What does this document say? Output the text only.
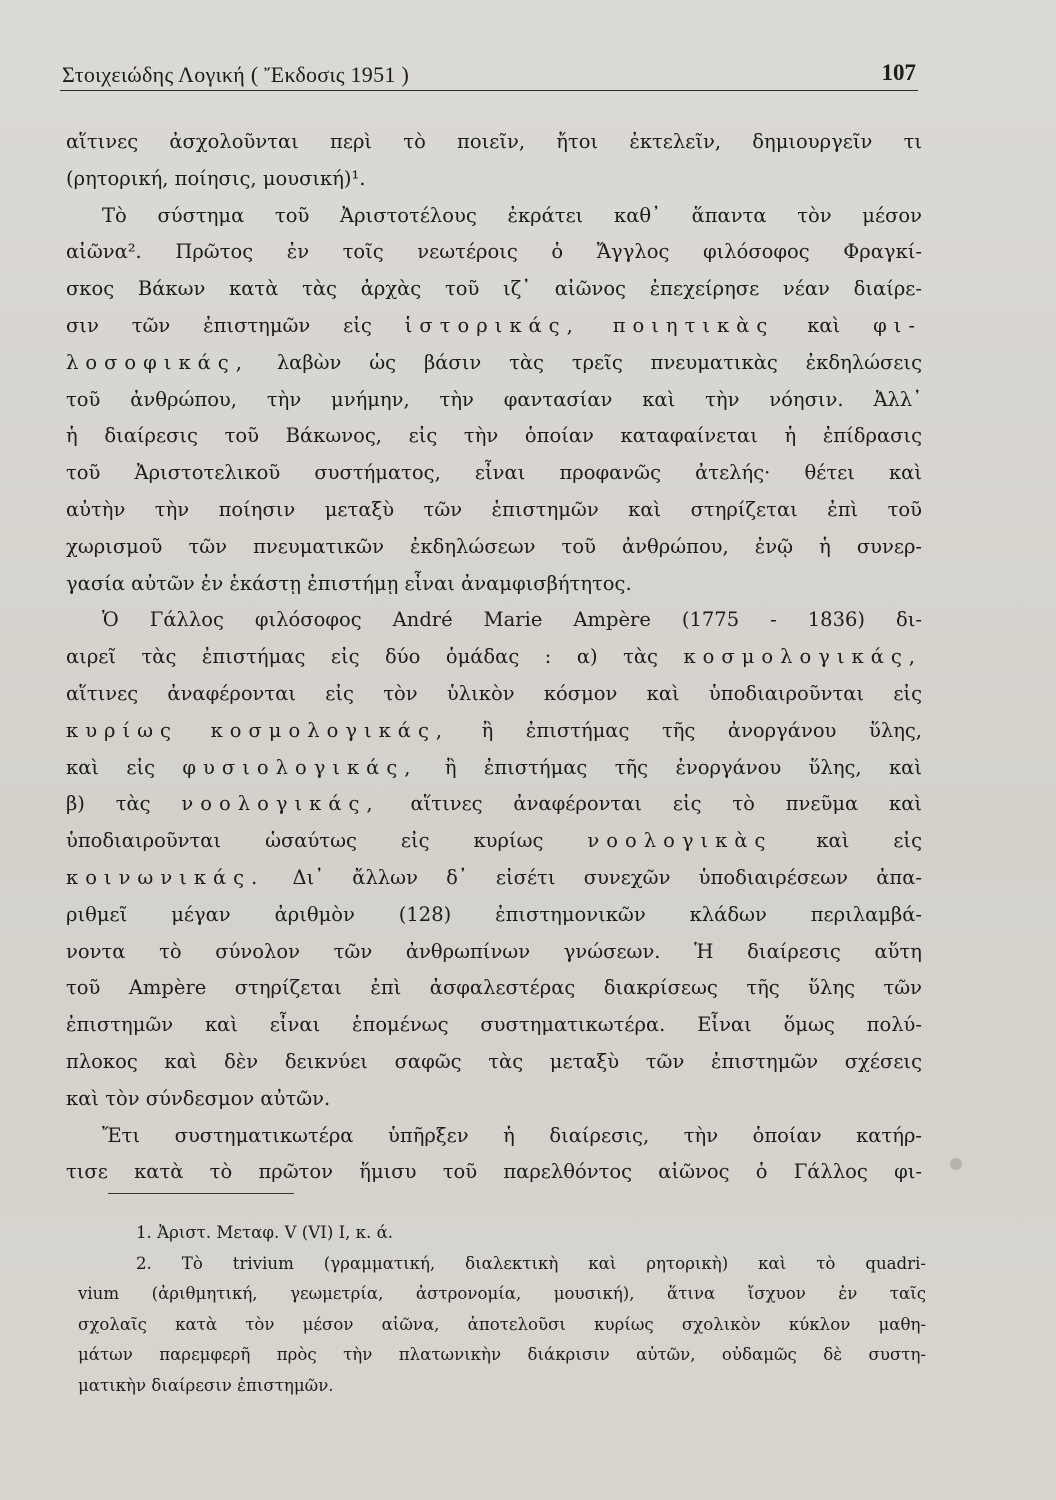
Στοιχειώδης Λογική ( Ἔκδοσις 1951 )	107
αἵτινες ἀσχολοῦνται περὶ τὸ ποιεῖν, ἤτοι ἐκτελεῖν, δημιουργεῖν τι
(ρητορική, ποίησις, μουσική)¹.
Τὸ σύστημα τοῦ Ἀριστοτέλους ἐκράτει καθ᾽ ἅπαντα τὸν μέσον
αἰῶνα². Πρῶτος ἐν τοῖς νεωτέροις ὁ Ἄγγλος φιλόσοφος Φραγκί-
σκος Βάκων κατὰ τὰς ἀρχὰς τοῦ ιζ᾽ αἰῶνος ἐπεχείρησε νέαν διαίρε-
σιν τῶν ἐπιστημῶν εἰς ἱστορικάς, ποιητικὰς καὶ φι-
λοσοφικάς, λαβὼν ὡς βάσιν τὰς τρεῖς πνευματικὰς ἐκδηλώσεις
τοῦ ἀνθρώπου, τὴν μνήμην, τὴν φαντασίαν καὶ τὴν νόησιν. Ἀλλ᾽
ἡ διαίρεσις τοῦ Βάκωνος, εἰς τὴν ὁποίαν καταφαίνεται ἡ ἐπίδρασις
τοῦ Ἀριστοτελικοῦ συστήματος, εἶναι προφανῶς ἀτελής· θέτει καὶ
αὐτὴν τὴν ποίησιν μεταξὺ τῶν ἐπιστημῶν καὶ στηρίζεται ἐπὶ τοῦ
χωρισμοῦ τῶν πνευματικῶν ἐκδηλώσεων τοῦ ἀνθρώπου, ἐνῷ ἡ συνερ-
γασία αὐτῶν ἐν ἑκάστῃ ἐπιστήμῃ εἶναι ἀναμφισβήτητος.
Ὁ Γάλλος φιλόσοφος André Marie Ampère (1775 - 1836) δι-
αιρεῖ τὰς ἐπιστήμας εἰς δύο ὁμάδας : α) τὰς κοσμολογικάς,
αἵτινες ἀναφέρονται εἰς τὸν ὑλικὸν κόσμον καὶ ὑποδιαιροῦνται εἰς
κυρίως κοσμολογικάς, ἢ ἐπιστήμας τῆς ἀνοργάνου ὕλης,
καὶ εἰς φυσιολογικάς, ἢ ἐπιστήμας τῆς ἐνοργάνου ὕλης, καὶ
β) τὰς νοολογικάς, αἵτινες ἀναφέρονται εἰς τὸ πνεῦμα καὶ
ὑποδιαιροῦνται ὡσαύτως εἰς κυρίως νοολογικὰς καὶ εἰς
κοινωνικάς. Δι᾽ ἄλλων δ᾽ εἰσέτι συνεχῶν ὑποδιαιρέσεων ἀπα-
ριθμεῖ μέγαν ἀριθμὸν (128) ἐπιστημονικῶν κλάδων περιλαμβά-
νοντα τὸ σύνολον τῶν ἀνθρωπίνων γνώσεων. Ἡ διαίρεσις αὕτη
τοῦ Ampère στηρίζεται ἐπὶ ἀσφαλεστέρας διακρίσεως τῆς ὕλης τῶν
ἐπιστημῶν καὶ εἶναι ἑπομένως συστηματικωτέρα. Εἶναι ὅμως πολύ-
πλοκος καὶ δὲν δεικνύει σαφῶς τὰς μεταξὺ τῶν ἐπιστημῶν σχέσεις
καὶ τὸν σύνδεσμον αὐτῶν.
Ἔτι συστηματικωτέρα ὑπῆρξεν ἡ διαίρεσις, τὴν ὁποίαν κατήρ-
τισε κατὰ τὸ πρῶτον ἥμισυ τοῦ παρελθόντος αἰῶνος ὁ Γάλλος φι-
1. Ἀριστ. Μεταφ. V (VI) I, κ. ά.
2. Τὸ trivium (γραμματική, διαλεκτικὴ καὶ ρητορικὴ) καὶ τὸ quadri-
vium (ἀριθμητική, γεωμετρία, ἀστρονομία, μουσική), ἅτινα ἴσχυον ἐν ταῖς
σχολαῖς κατὰ τὸν μέσον αἰῶνα, ἀποτελοῦσι κυρίως σχολικὸν κύκλον μαθη-
μάτων παρεμφερῆ πρὸς τὴν πλατωνικὴν διάκρισιν αὐτῶν, οὐδαμῶς δὲ συστη-
ματικὴν διαίρεσιν ἐπιστημῶν.
